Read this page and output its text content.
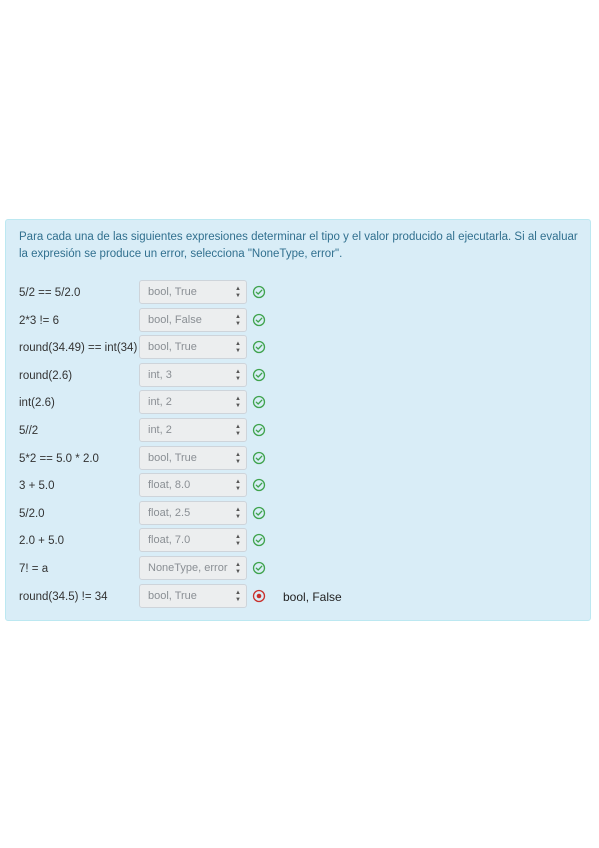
Para cada una de las siguientes expresiones determinar el tipo y el valor producido al ejecutarla. Si al evaluar la expresión se produce un error, selecciona "NoneType, error".
5/2 == 5/2.0	bool, True	▲
▼
2*3 != 6	bool, False	▲
▼
round(34.49) == int(34) bool, True	▲
▼
round(2.6)	int, 3	▲
▼
int(2.6)	int, 2	▲
▼
5//2	int, 2	▲
▼
5*2 == 5.0 * 2.0	bool, True	▲
▼
3 + 5.0	float, 8.0	▲
▼
5/2.0	float, 2.5	▲
▼
2.0 + 5.0	float, 7.0	▲
▼
7! = a	NoneType, error ▲
▼
round(34.5) != 34	bool, True	▲
▼	bool, False
